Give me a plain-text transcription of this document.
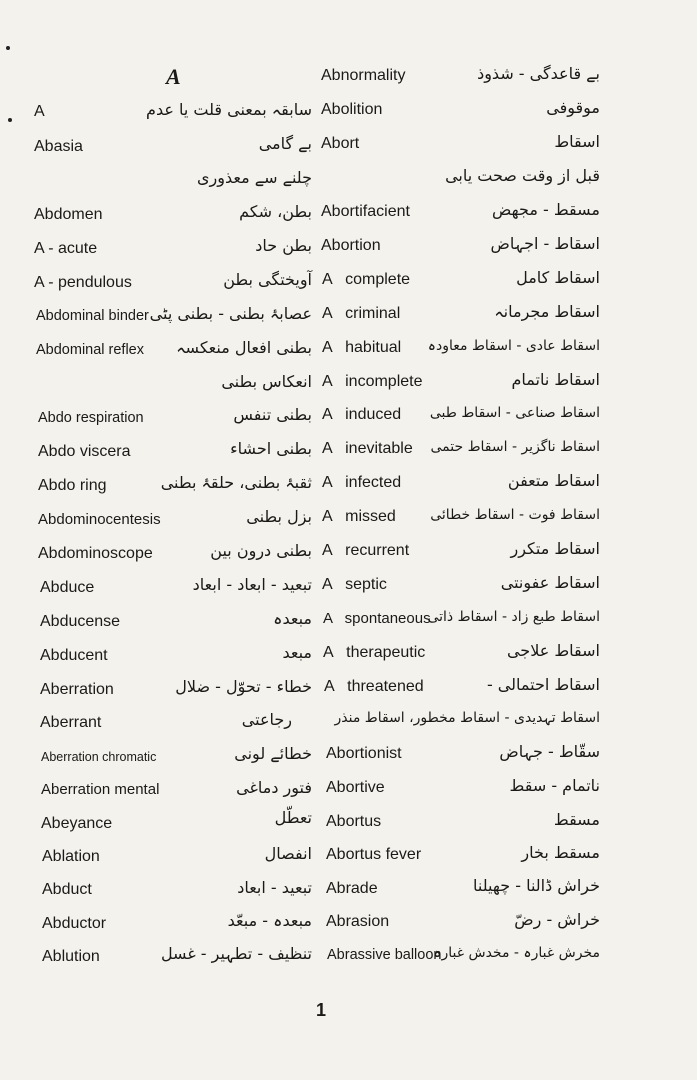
A
A
Abasia
Abdomen
A - acute
A - pendulous
Abdominal binder
Abdominal reflex
Abdo respiration
Abdo viscera
Abdo ring
Abdominocentesis
Abdominoscope
Abduce
Abducense
Abducent
Aberration
Aberrant
Aberration chromatic
Aberration mental
Abeyance
Ablation
Abduct
Abductor
Ablution
سابقہ بمعنی قلت یا عدم
بے گامی
چلنے سے معذوری
بطن، شکم
بطن حاد
آویختگی بطن
عصابۂ بطنی - بطنی پٹی
بطنی افعال منعکسہ
انعکاس بطنی
بطنی تنفس
بطنی احشاء
ثقبۂ بطنی، حلقۂ بطنی
بزل بطنی
بطنی درون بین
تبعید - ابعاد - ابعاد
مبعدہ
مبعد
خطاء - تحوّل - ضلال
رجاعتی
خطائے لونی
فتور دماغی
تعطّل
انفصال
تبعید - ابعاد
مبعدہ - مبعّد
تنظیف - تطہیر - غسل
Abnormality
Abolition
Abort
Abortifacient
Abortion
A   complete
A   criminal
A   habitual
A   incomplete
A   induced
A   inevitable
A   infected
A   missed
A   recurrent
A   septic
A   spontaneous
A   therapeutic
A   threatened
Abortionist
Abortive
Abortus
Abortus fever
Abrade
Abrasion
Abrassive balloon
بے قاعدگی - شذوذ
موقوفی
اسقاط
قبل از وقت صحت یابی
مسقط - مجھض
اسقاط - اجہاض
اسقاط کامل
اسقاط مجرمانہ
اسقاط عادی - اسقاط معاودہ
اسقاط ناتمام
اسقاط صناعی - اسقاط طبی
اسقاط ناگزیر - اسقاط حتمی
اسقاط متعفن
اسقاط فوت - اسقاط خطائی
اسقاط متکرر
اسقاط عفونتی
اسقاط طبع زاد - اسقاط ذاتی
اسقاط علاجی
اسقاط احتمالی -
اسقاط تہدیدی - اسقاط مخطور، اسقاط منذر
سقّاط - جہاض
ناتمام - سقط
مسقط
مسقط بخار
خراش ڈالنا - چھیلنا
خراش - رضّ
مخرش غبارہ - مخدش غبارہ
1
